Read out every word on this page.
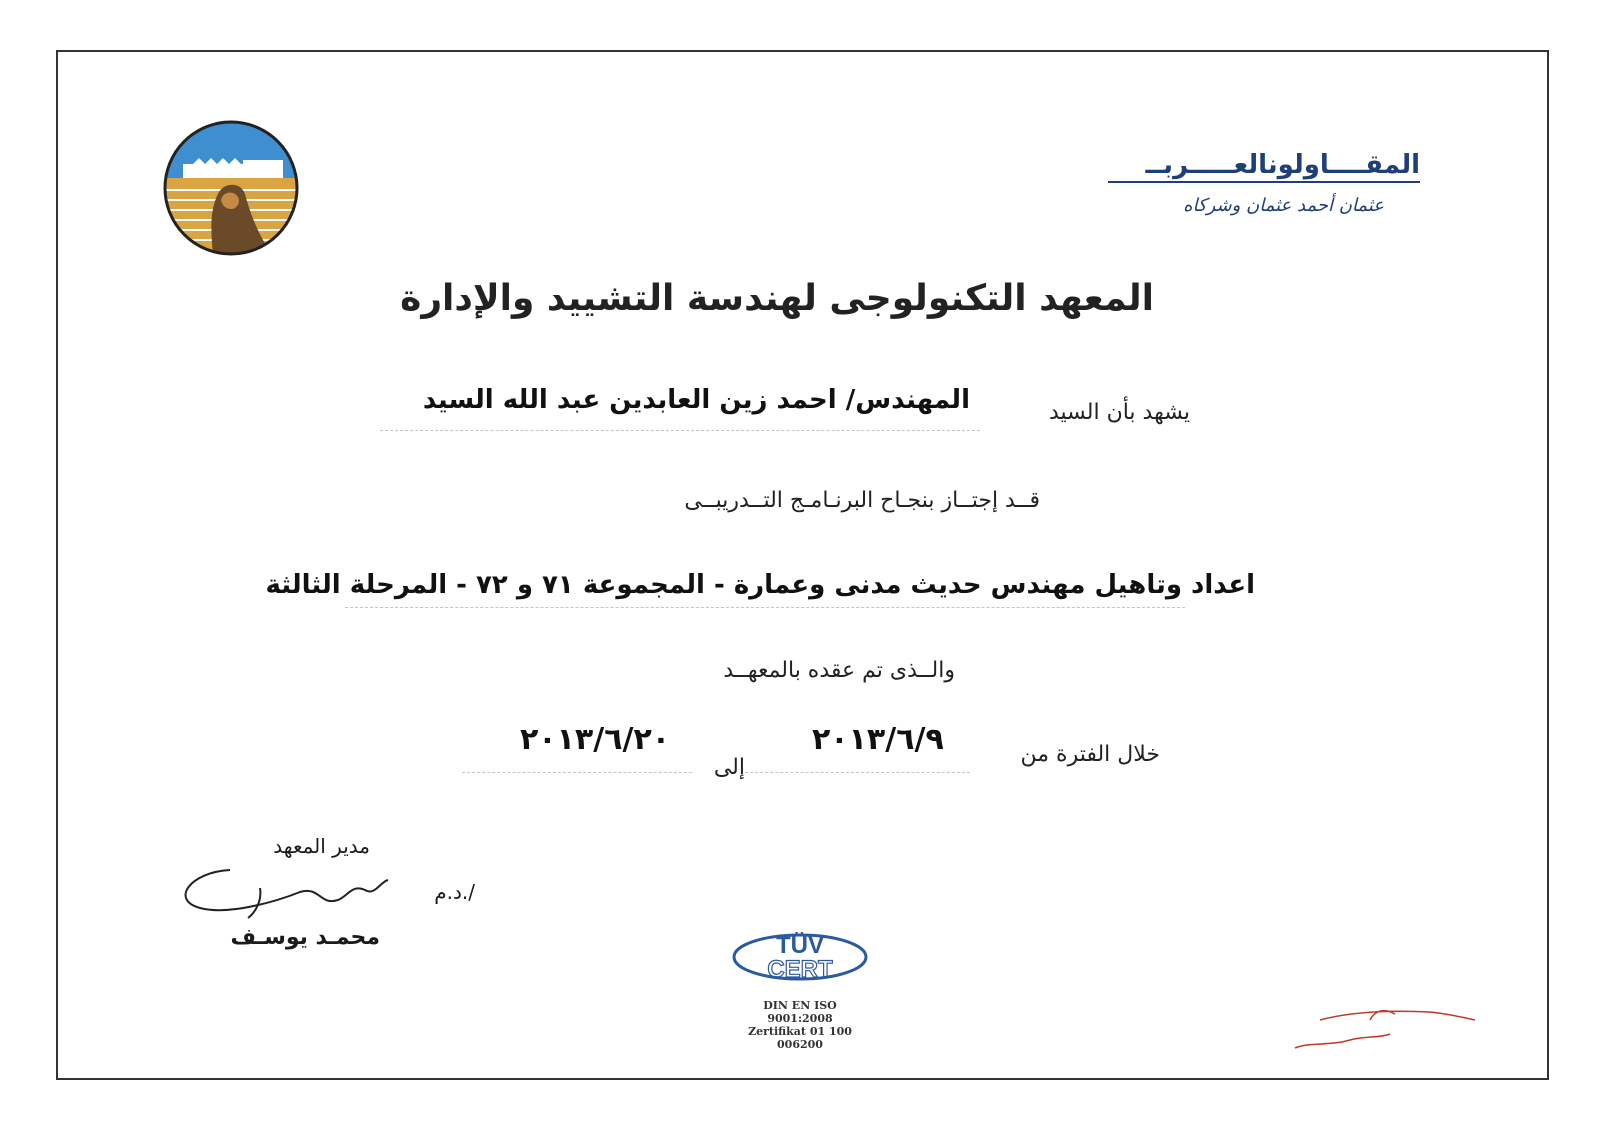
المقــــاولونالعـــــربــ
عثمان أحمد عثمان وشركاه
المعهد التكنولوجى لهندسة التشييد والإدارة
يشهد بأن السيد
المهندس/ احمد زين العابدين عبد الله السيد
قــد إجتــاز بنجـاح البرنـامـج التــدريبــى
اعداد وتاهيل مهندس حديث مدنى وعمارة - المجموعة ٧١ و ٧٢ - المرحلة الثالثة
والــذى تم عقده بالمعهــد
خلال الفترة من
٢٠١٣/٦/٩
إلى
٢٠١٣/٦/٢٠
مدير المعهد
د.م./
محمـد يوسـف	TÜV
CERT
DIN EN ISO 9001:2008
Zertifikat 01 100 006200
